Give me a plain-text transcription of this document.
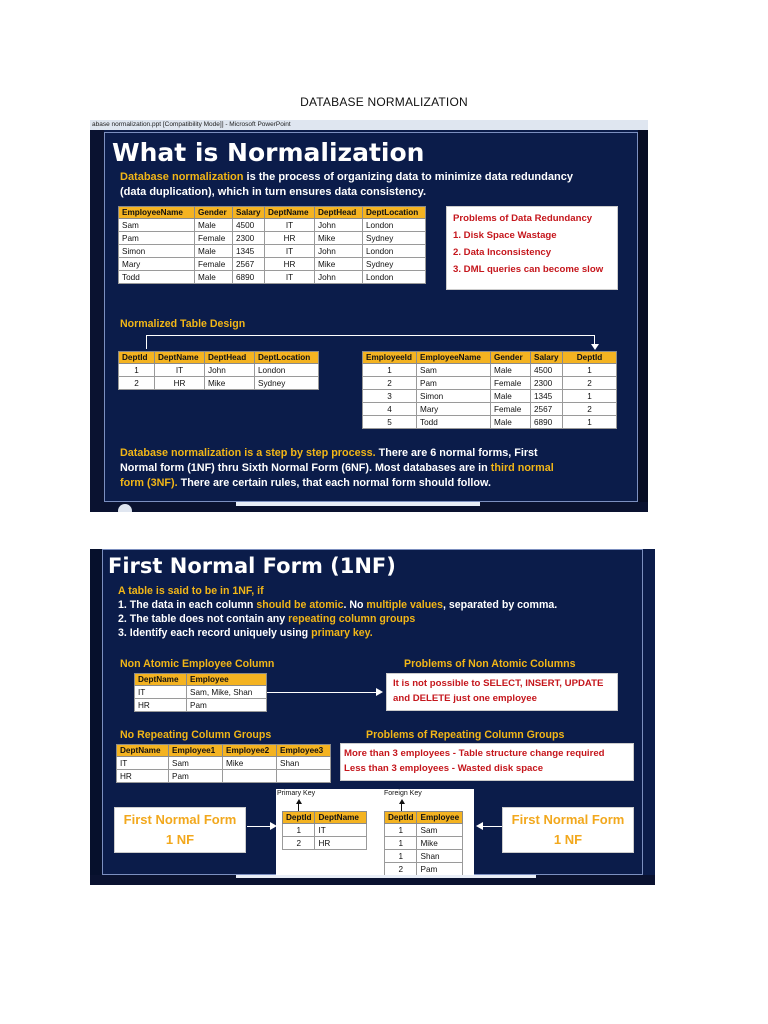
DATABASE NORMALIZATION
abase normalization.ppt [Compatibility Mode]] - Microsoft PowerPoint
What is Normalization
Database normalization is the process of organizing data to minimize data redundancy
(data duplication), which in turn ensures data consistency.
EmployeeName	Gender	Salary	DeptName	DeptHead	DeptLocation
Sam	Male	4500	IT	John	London
Pam	Female	2300	HR	Mike	Sydney
Simon	Male	1345	IT	John	London
Mary	Female	2567	HR	Mike	Sydney
Todd	Male	6890	IT	John	London
Problems of Data Redundancy
1. Disk Space Wastage
2. Data Inconsistency
3. DML queries can become slow
Normalized Table Design
DeptId	DeptName	DeptHead	DeptLocation
1	IT	John	London
2	HR	Mike	Sydney
EmployeeId	EmployeeName	Gender	Salary	DeptId
1	Sam	Male	4500	1
2	Pam	Female	2300	2
3	Simon	Male	1345	1
4	Mary	Female	2567	2
5	Todd	Male	6890	1
Database normalization is a step by step process. There are 6 normal forms, First
Normal form (1NF) thru Sixth Normal Form (6NF). Most databases are in third normal
form (3NF). There are certain rules, that each normal form should follow.
First Normal Form (1NF)
A table is said to be in 1NF, if
1. The data in each column should be atomic. No multiple values, separated by comma.
2. The table does not contain any repeating column groups
3. Identify each record uniquely using primary key.
Non Atomic Employee Column
DeptName	Employee
IT	Sam, Mike, Shan
HR	Pam
Problems of Non Atomic Columns
It is not possible to SELECT, INSERT, UPDATE
and DELETE just one employee
No Repeating Column Groups
DeptName	Employee1	Employee2	Employee3
IT	Sam	Mike	Shan
HR	Pam		
Problems of Repeating Column Groups
More than 3 employees - Table structure change required
Less than 3 employees - Wasted disk space
First Normal Form
1 NF
Primary Key	Foreign Key
DeptId	DeptName
1	IT
2	HR
DeptId	Employee
1	Sam
1	Mike
1	Shan
2	Pam
First Normal Form
1 NF
